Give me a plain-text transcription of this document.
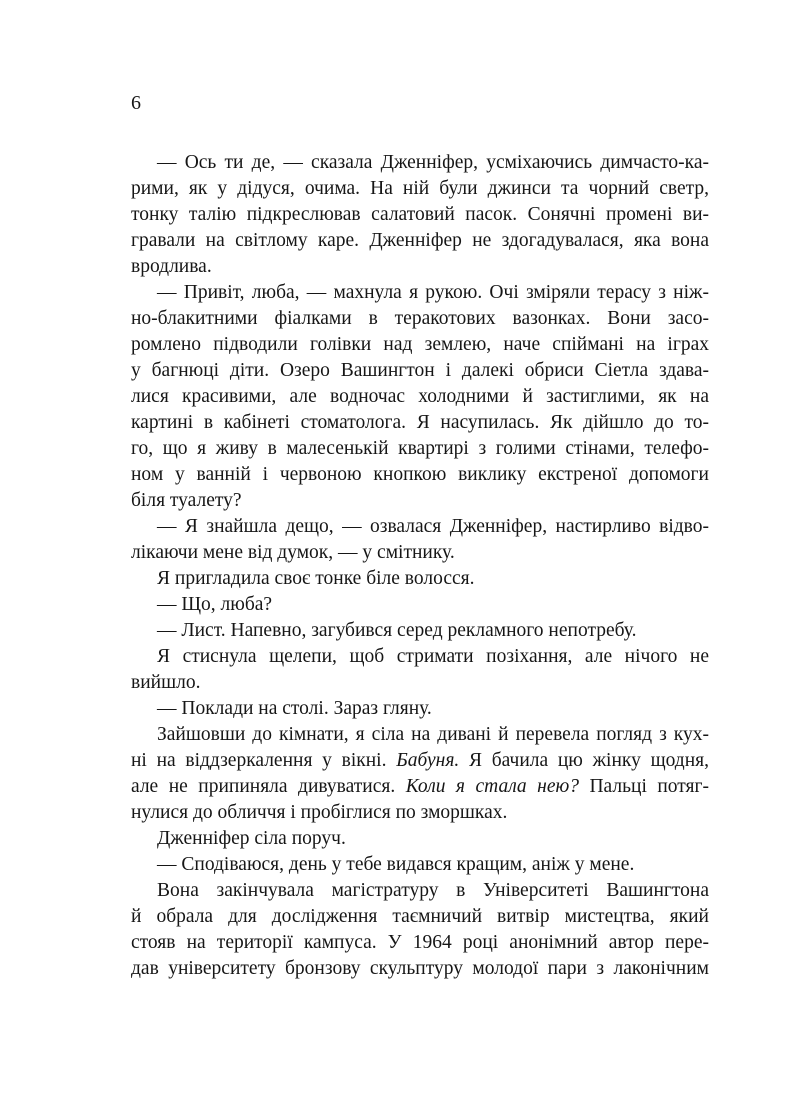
6
— Ось ти де, — сказала Дженніфер, усміхаючись димчасто-ка-
рими, як у дідуся, очима. На ній були джинси та чорний светр,
тонку талію підкреслював салатовий пасок. Сонячні промені ви-
гравали на світлому каре. Дженніфер не здогадувалася, яка вона
вродлива.
— Привіт, люба, — махнула я рукою. Очі зміряли терасу з ніж-
но-блакитними фіалками в теракотових вазонках. Вони засо-
ромлено підводили голівки над землею, наче спіймані на іграх
у багнюці діти. Озеро Вашингтон і далекі обриси Сіетла здава-
лися красивими, але водночас холодними й застиглими, як на
картині в кабінеті стоматолога. Я насупилась. Як дійшло до то-
го, що я живу в малесенькій квартирі з голими стінами, телефо-
ном у ванній і червоною кнопкою виклику екстреної допомоги
біля туалету?
— Я знайшла дещо, — озвалася Дженніфер, настирливо відво-
лікаючи мене від думок, — у смітнику.
Я пригладила своє тонке біле волосся.
— Що, люба?
— Лист. Напевно, загубився серед рекламного непотребу.
Я стиснула щелепи, щоб стримати позіхання, але нічого не
вийшло.
— Поклади на столі. Зараз гляну.
Зайшовши до кімнати, я сіла на дивані й перевела погляд з кух-
ні на віддзеркалення у вікні. Бабуня. Я бачила цю жінку щодня,
але не припиняла дивуватися. Коли я стала нею? Пальці потяг-
нулися до обличчя і пробіглися по зморшках.
Дженніфер сіла поруч.
— Сподіваюся, день у тебе видався кращим, аніж у мене.
Вона закінчувала магістратуру в Університеті Вашингтона
й обрала для дослідження таємничий витвір мистецтва, який
стояв на території кампуса. У 1964 році анонімний автор пере-
дав університету бронзову скульптуру молодої пари з лаконічним
